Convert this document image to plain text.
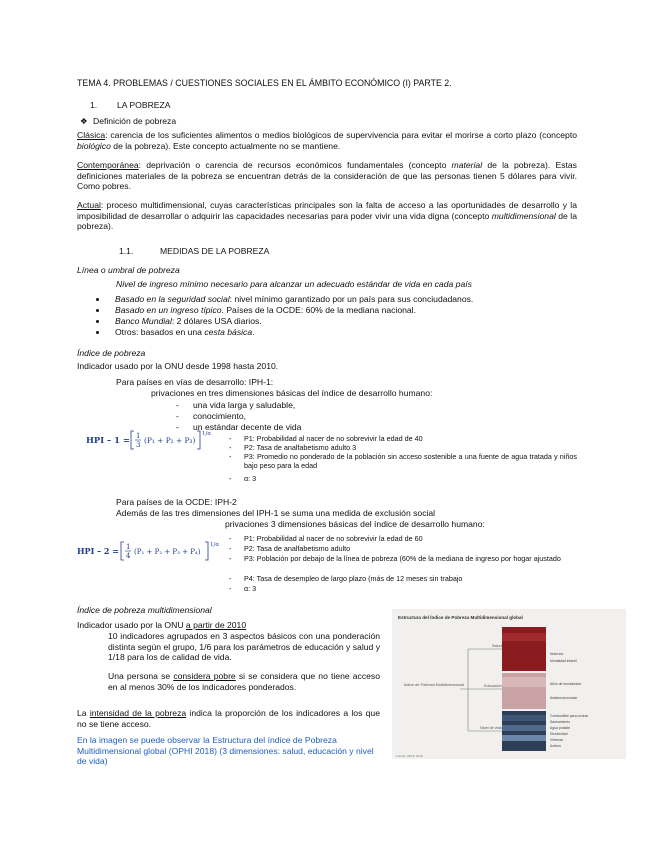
TEMA 4. PROBLEMAS / CUESTIONES SOCIALES EN EL ÁMBITO ECONÓMICO (I) PARTE 2.
1. LA POBREZA
❖ Definición de pobreza
Clásica: carencia de los suficientes alimentos o medios biológicos de supervivencia para evitar el morirse a corto plazo (concepto biológico de la pobreza). Este concepto actualmente no se mantiene.
Contemporánea: deprivación o carencia de recursos económicos fundamentales (concepto material de la pobreza). Estas definiciones materiales de la pobreza se encuentran detrás de la consideración de que las personas tienen 5 dólares para vivir. Como pobres.
Actual: proceso multidimensional, cuyas características principales son la falta de acceso a las oportunidades de desarrollo y la imposibilidad de desarrollar o adquirir las capacidades necesarias para poder vivir una vida digna (concepto multidimensional de la pobreza).
1.1.	MEDIDAS DE LA POBREZA
Línea o umbral de pobreza
Nivel de ingreso mínimo necesario para alcanzar un adecuado estándar de vida en cada país
Basado en la seguridad social: nivel mínimo garantizado por un país para sus conciudadanos.
Basado en un ingreso típico. Países de la OCDE: 60% de la mediana nacional.
Banco Mundial: 2 dólares USA diarios.
Otros: basados en una cesta básica.
Índice de pobreza
Indicador usado por la ONU desde 1998 hasta 2010.
Para países en vías de desarrollo: IPH-1:
privaciones en tres dimensiones básicas del índice de desarrollo humano:
- una vida larga y saludable,
- conocimiento,
- un estándar decente de vida
HPI – 1 = 1
3 (P₁ + P₂ + P₃)
1/α - P1: Probabilidad al nacer de no sobrevivir la edad de 40
- P2: Tasa de analfabetismo adulto 3
- P3: Promedio no ponderado de la población sin acceso sostenible a una fuente de agua tratada y niños bajo peso para la edad
- α: 3
Para países de la OCDE: IPH-2
Además de las tres dimensiones del IPH-1 se suma una medida de exclusión social
privaciones 3 dimensiones básicas del índice de desarrollo humano:
HPI – 2 = 1
4 (P₁ + P₂ + P₃ + P₄)
1/α
- P1: Probabilidad al nacer de no sobrevivir la edad de 60
- P2: Tasa de analfabetismo adulto
- P3: Población por debajo de la línea de pobreza (60% de la mediana de ingreso por hogar ajustado
- P4: Tasa de desempleo de largo plazo (más de 12 meses sin trabajo
- α: 3
Índice de pobreza multidimensional
Indicador usado por la ONU a partir de 2010
10 indicadores agrupados en 3 aspectos básicos con una ponderación distinta según el grupo, 1/6 para los parámetros de educación y salud y 1/18 para los de calidad de vida.
Una persona se considera pobre si se considera que no tiene acceso en al menos 30% de los indicadores ponderados.
La intensidad de la pobreza indica la proporción de los indicadores a los que no se tiene acceso.
En la imagen se puede observar la Estructura del índice de Pobreza Multidimensional global (OPHI 2018) (3 dimensiones: salud, educación y nivel de vida)
Estructura del Índice de Pobreza Multidimensional global
Índice de Pobreza Multidimensional
Salud
Educación
Nivel de vida
Nutrición
Mortalidad infantil
Años de escolaridad
Asistencia escolar
Combustible para cocinar
Saneamiento
Agua potable
Electricidad
Vivienda
Activos
Fuente: OPHI, 2018
